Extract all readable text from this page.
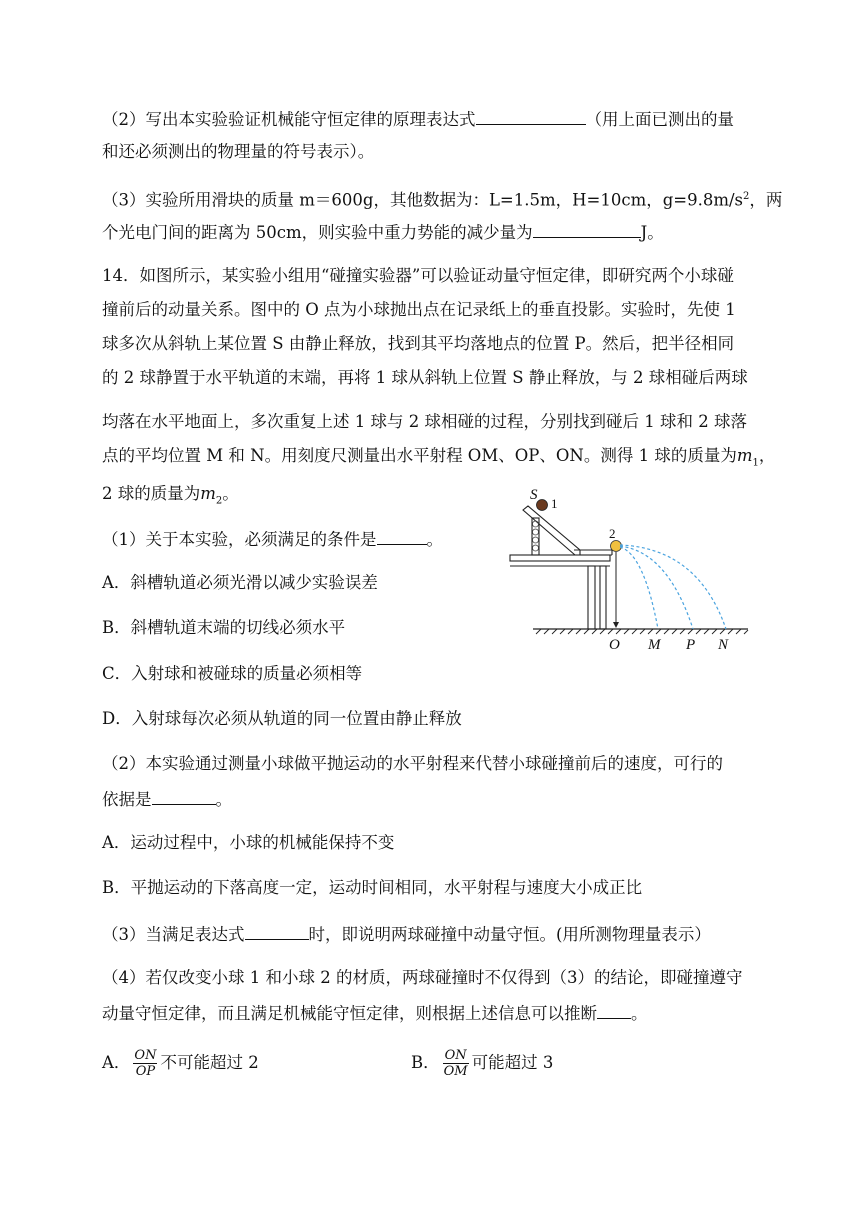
（2）写出本实验验证机械能守恒定律的原理表达式	（用上面已测出的量
和还必须测出的物理量的符号表示）。
（3）实验所用滑块的质量 m＝600g，其他数据为：L=1.5m，H=10cm，$g=9.8m/s^2$，两
个光电门间的距离为 50cm，则实验中重力势能的减少量为	J。
14．如图所示，某实验小组用“碰撞实验器”可以验证动量守恒定律，即研究两个小球碰
撞前后的动量关系。图中的 O 点为小球抛出点在记录纸上的垂直投影。实验时，先使 1
球多次从斜轨上某位置 S 由静止释放，找到其平均落地点的位置 P。然后，把半径相同
的 2 球静置于水平轨道的末端，再将 1 球从斜轨上位置 S 静止释放，与 2 球相碰后两球
均落在水平地面上，多次重复上述 1 球与 2 球相碰的过程，分别找到碰后 1 球和 2 球落
点的平均位置 M 和 N。用刻度尺测量出水平射程 OM、OP、ON。测得 1 球的质量为$m_1$，
2 球的质量为$m_2$。
（1）关于本实验，必须满足的条件是	。
A．斜槽轨道必须光滑以减少实验误差
B．斜槽轨道末端的切线必须水平
C．入射球和被碰球的质量必须相等
D．入射球每次必须从轨道的同一位置由静止释放
（2）本实验通过测量小球做平抛运动的水平射程来代替小球碰撞前后的速度，可行的
依据是	。
A．运动过程中，小球的机械能保持不变
B．平抛运动的下落高度一定，运动时间相同，水平射程与速度大小成正比
（3）当满足表达式	时，即说明两球碰撞中动量守恒。(用所测物理量表示）
（4）若仅改变小球 1 和小球 2 的材质，两球碰撞时不仅得到（3）的结论，即碰撞遵守
动量守恒定律，而且满足机械能守恒定律，则根据上述信息可以推断 。
A． $\frac{ON}{OP}$ 不可能超过 2	B． $\frac{ON}{OM}$ 可能超过 3
S
O M P N
1
2
